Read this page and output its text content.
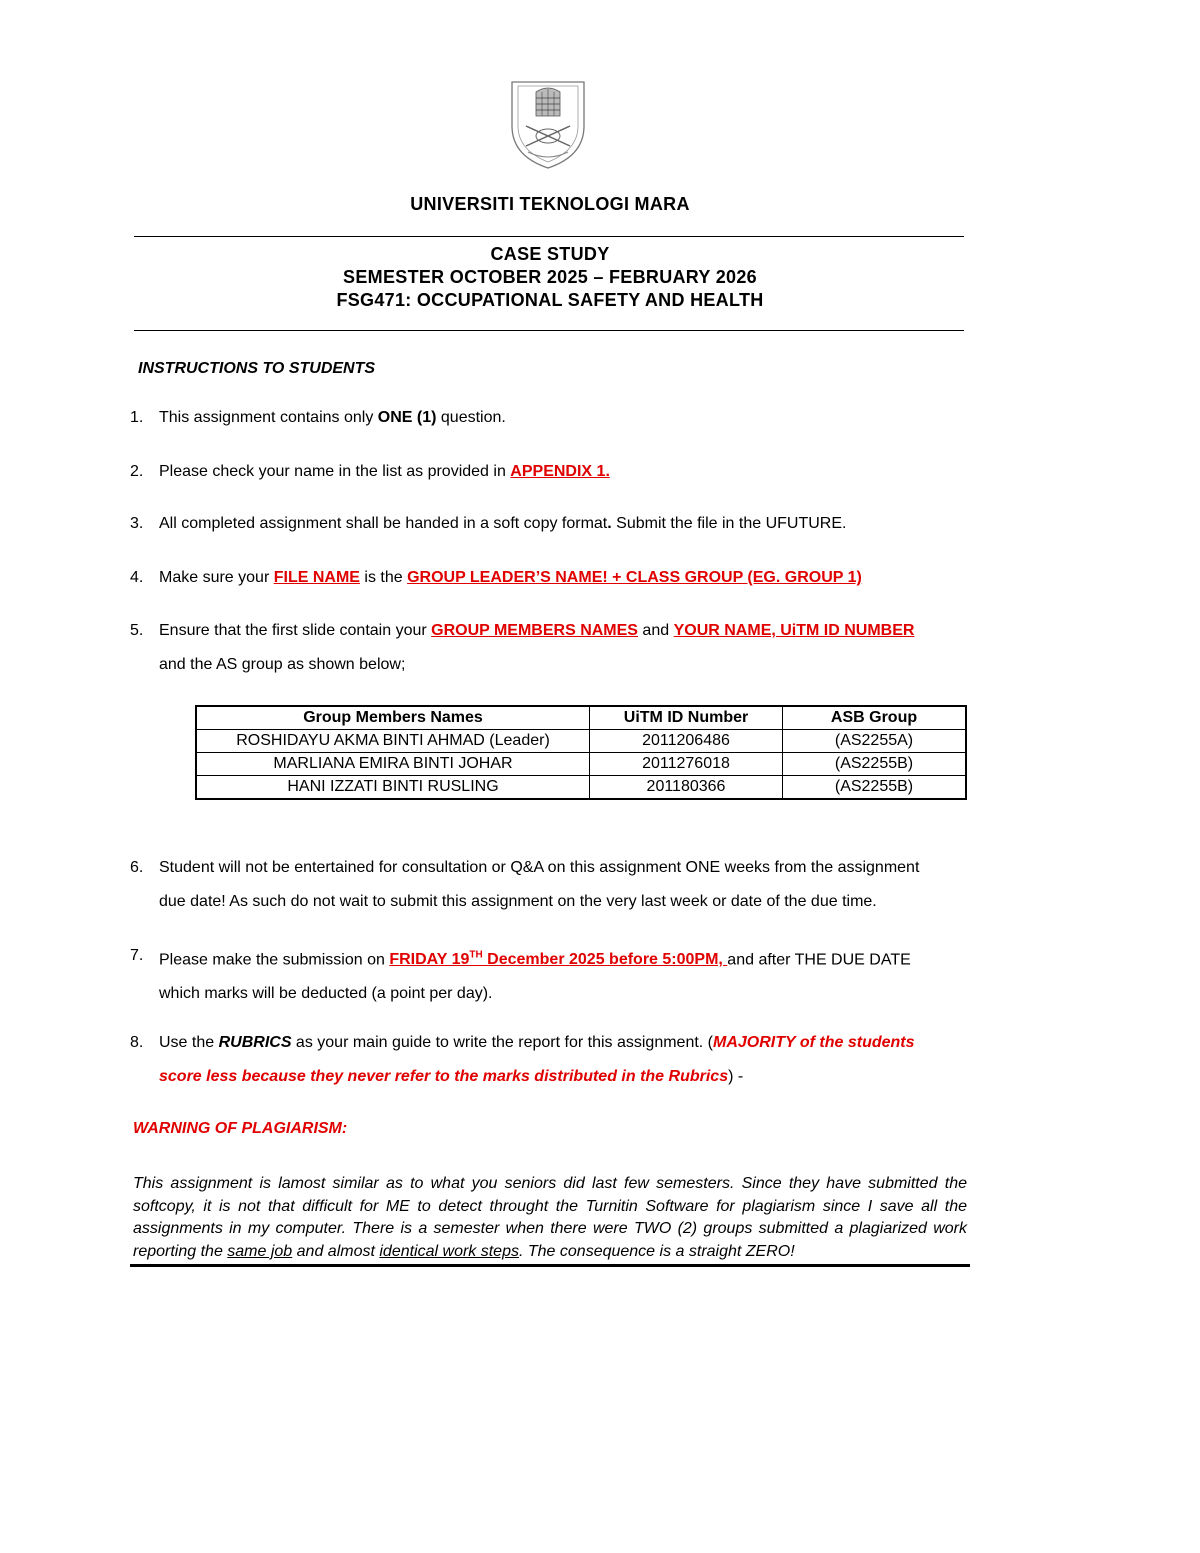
UNIVERSITI TEKNOLOGI MARA
CASE STUDY
SEMESTER OCTOBER 2025 – FEBRUARY 2026
FSG471: OCCUPATIONAL SAFETY AND HEALTH
INSTRUCTIONS TO STUDENTS
1. This assignment contains only ONE (1) question.
2. Please check your name in the list as provided in APPENDIX 1.
3. All completed assignment shall be handed in a soft copy format. Submit the file in the UFUTURE.
4. Make sure your FILE NAME is the GROUP LEADER’S NAME! + CLASS GROUP (EG. GROUP 1)
5. Ensure that the first slide contain your GROUP MEMBERS NAMES and YOUR NAME, UiTM ID NUMBER
and the AS group as shown below;
Group Members Names	UiTM ID Number	ASB Group
ROSHIDAYU AKMA BINTI AHMAD (Leader)	2011206486	(AS2255A)
MARLIANA EMIRA BINTI JOHAR	2011276018	(AS2255B)
HANI IZZATI BINTI RUSLING	201180366	(AS2255B)
6. Student will not be entertained for consultation or Q&A on this assignment ONE weeks from the assignment
due date! As such do not wait to submit this assignment on the very last week or date of the due time.
7. Please make the submission on FRIDAY 19TH December 2025 before 5:00PM, and after THE DUE DATE
which marks will be deducted (a point per day).
8. Use the RUBRICS as your main guide to write the report for this assignment. (MAJORITY of the students
score less because they never refer to the marks distributed in the Rubrics) -
WARNING OF PLAGIARISM:
This assignment is lamost similar as to what you seniors did last few semesters. Since they have submitted the softcopy, it is not that difficult for ME to detect throught the Turnitin Software for plagiarism since I save all the assignments in my computer. There is a semester when there were TWO (2) groups submitted a plagiarized work reporting the same job and almost identical work steps. The consequence is a straight ZERO!
